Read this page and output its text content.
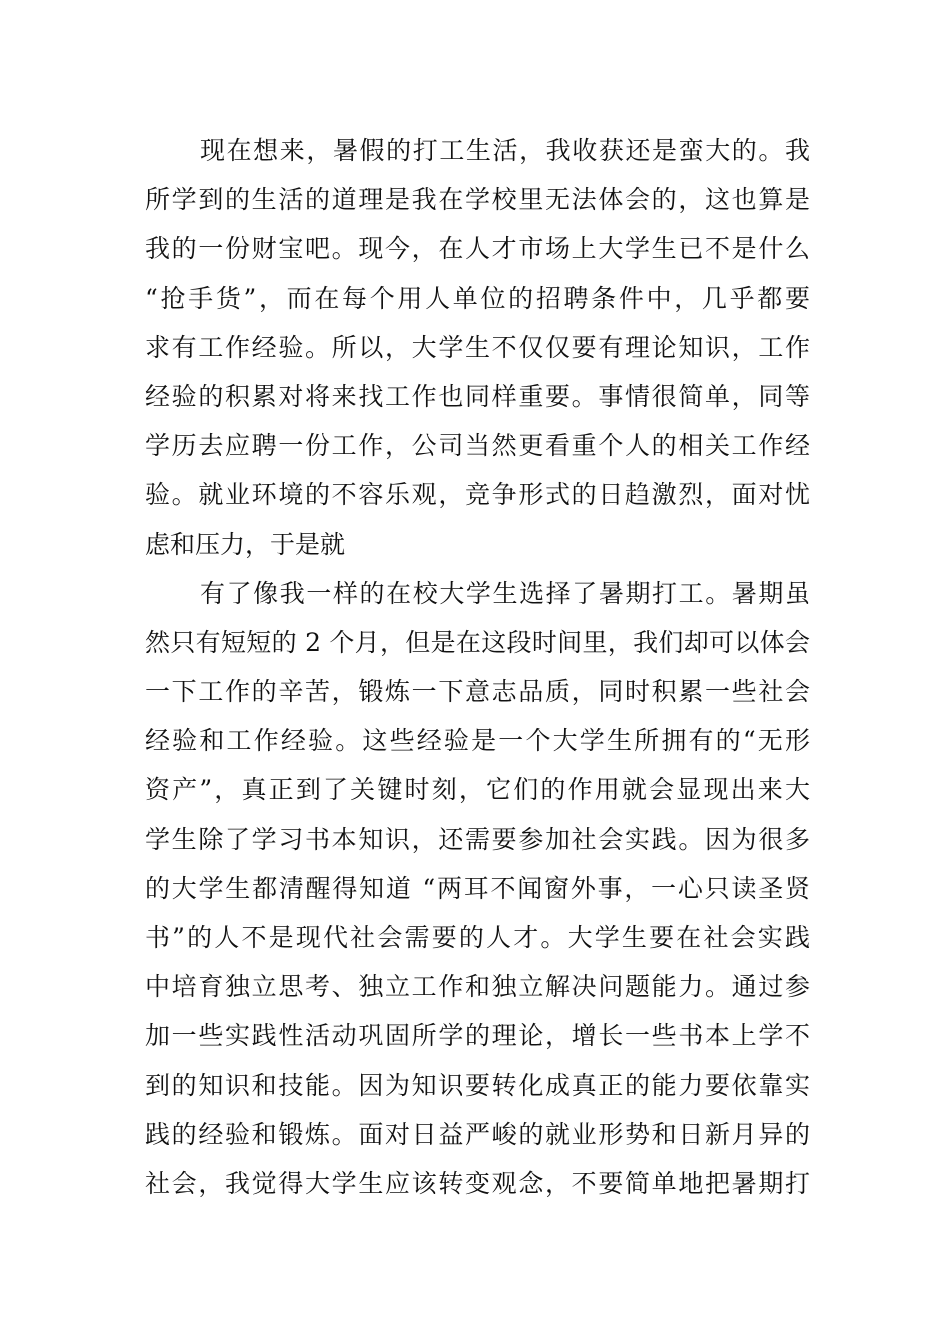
现在想来，暑假的打工生活，我收获还是蛮大的。我
所学到的生活的道理是我在学校里无法体会的，这也算是
我的一份财宝吧。现今，在人才市场上大学生已不是什么
“抢手货”，而在每个用人单位的招聘条件中，几乎都要
求有工作经验。所以，大学生不仅仅要有理论知识，工作
经验的积累对将来找工作也同样重要。事情很简单，同等
学历去应聘一份工作，公司当然更看重个人的相关工作经
验。就业环境的不容乐观，竞争形式的日趋激烈，面对忧
虑和压力，于是就
有了像我一样的在校大学生选择了暑期打工。暑期虽
然只有短短的 2 个月，但是在这段时间里，我们却可以体会
一下工作的辛苦，锻炼一下意志品质，同时积累一些社会
经验和工作经验。这些经验是一个大学生所拥有的“无形
资产”，真正到了关键时刻，它们的作用就会显现出来大
学生除了学习书本知识，还需要参加社会实践。因为很多
的大学生都清醒得知道 “两耳不闻窗外事，一心只读圣贤
书”的人不是现代社会需要的人才。大学生要在社会实践
中培育独立思考、独立工作和独立解决问题能力。通过参
加一些实践性活动巩固所学的理论，增长一些书本上学不
到的知识和技能。因为知识要转化成真正的能力要依靠实
践的经验和锻炼。面对日益严峻的就业形势和日新月异的
社会，我觉得大学生应该转变观念，不要简单地把暑期打
